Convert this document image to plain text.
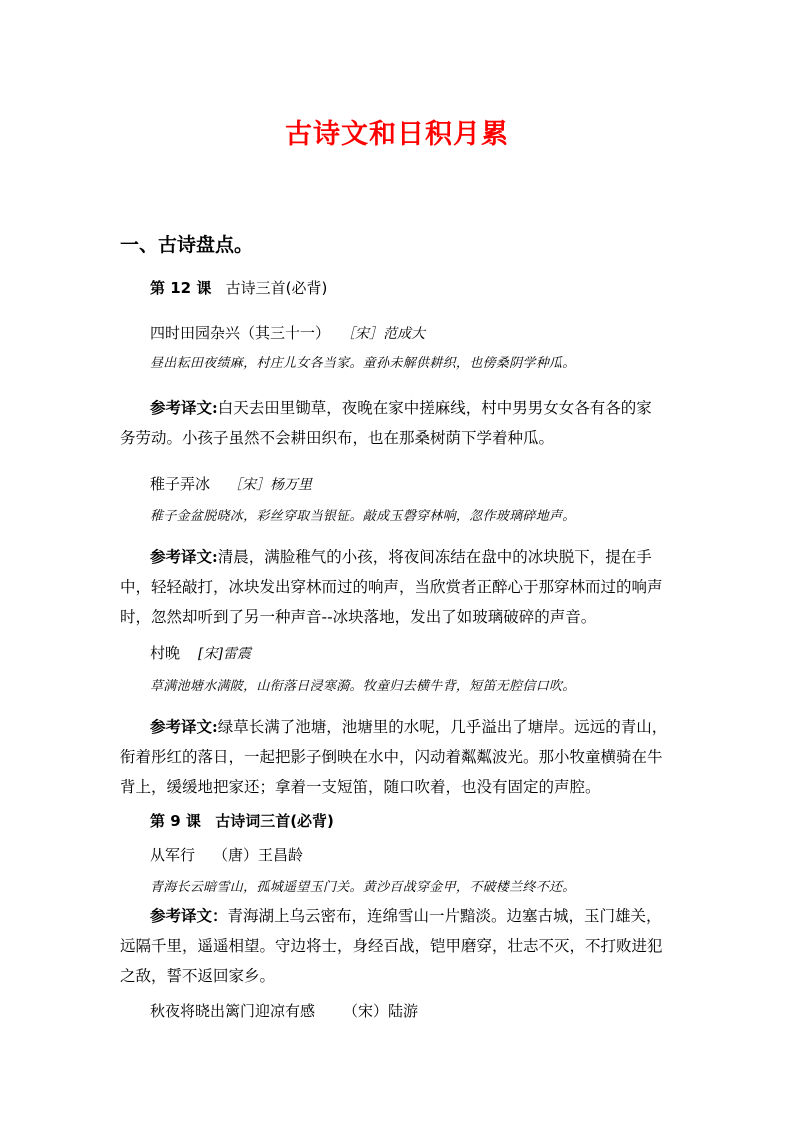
古诗文和日积月累
一、古诗盘点。
第 12 课 古诗三首(必背)
四时田园杂兴（其三十一） ［宋］范成大
昼出耘田夜绩麻，村庄儿女各当家。童孙未解供耕织，也傍桑阴学种瓜。
参考译文:白天去田里锄草，夜晚在家中搓麻线，村中男男女女各有各的家
务劳动。小孩子虽然不会耕田织布，也在那桑树荫下学着种瓜。
稚子弄冰 ［宋］杨万里
稚子金盆脱晓冰，彩丝穿取当银钲。敲成玉磬穿林响，忽作玻璃碎地声。
参考译文:清晨，满脸稚气的小孩，将夜间冻结在盘中的冰块脱下，提在手
中，轻轻敲打，冰块发出穿林而过的响声，当欣赏者正醉心于那穿林而过的响声
时，忽然却听到了另一种声音--冰块落地，发出了如玻璃破碎的声音。
村晚 [宋]雷震
草满池塘水满陂，山衔落日浸寒漪。牧童归去横牛背，短笛无腔信口吹。
参考译文:绿草长满了池塘，池塘里的水呢，几乎溢出了塘岸。远远的青山，
衔着彤红的落日，一起把影子倒映在水中，闪动着粼粼波光。那小牧童横骑在牛
背上，缓缓地把家还；拿着一支短笛，随口吹着，也没有固定的声腔。
第 9 课 古诗词三首(必背)
从军行 （唐）王昌龄
青海长云暗雪山，孤城遥望玉门关。黄沙百战穿金甲，不破楼兰终不还。
参考译文：青海湖上乌云密布，连绵雪山一片黯淡。边塞古城，玉门雄关，
远隔千里，遥遥相望。守边将士，身经百战，铠甲磨穿，壮志不灭，不打败进犯
之敌，誓不返回家乡。
秋夜将晓出篱门迎凉有感 （宋）陆游
